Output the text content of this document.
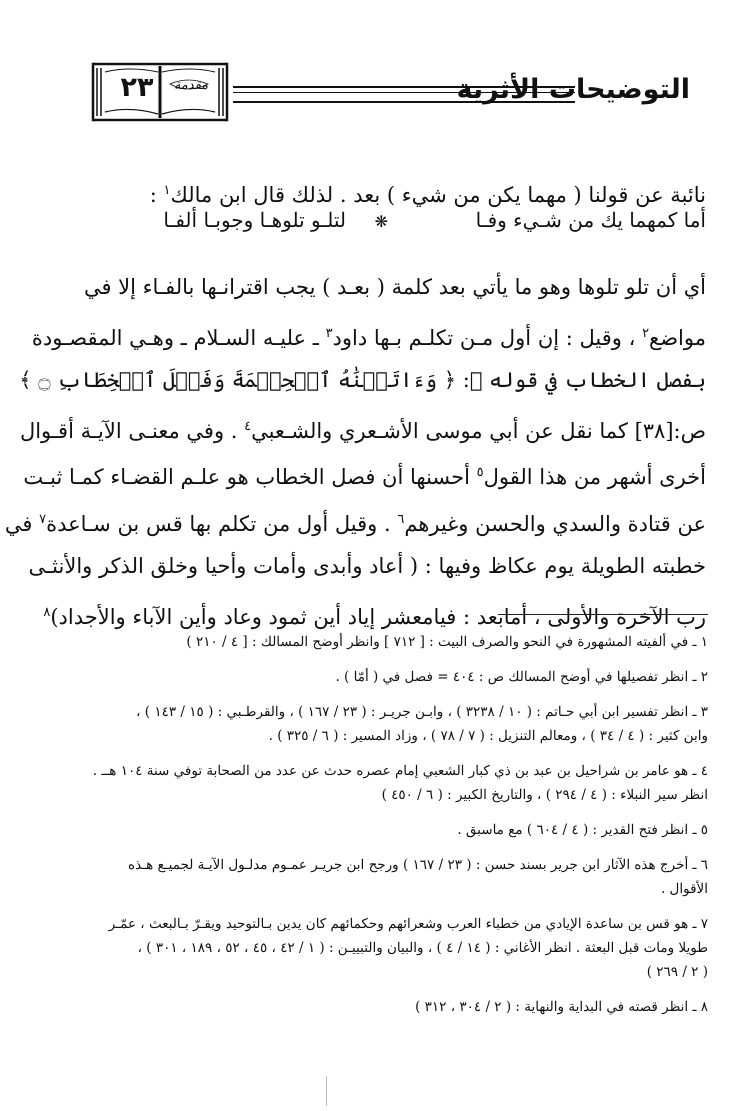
٢٣	مقدمة	التوضيحات الأثرية
نائبة عن قولنا ( مهما يكن من شيء ) بعد . لذلك قال ابن مالك$^١$ :
أما كمهما يك من شـيء وفـا
❋
لتلـو تلوهـا وجوبـا ألفـا
أي أن تلو تلوها وهو ما يأتي بعد كلمة ( بعـد ) يجب اقترانـها بالفـاء إلا في
مواضع$^٢$ ، وقيل : إن أول مـن تكلـم بـها داود$^٣$ ـ عليـه السـلام ـ وهـي المقصـودة
بفصل الخطاب في قوله ﷺ: ﴿ وَءَاتَيۡنَٰهُ ٱلۡحِكۡمَةَ وَفَصۡلَ ٱلۡخِطَابِ ۝ ﴾
ص:[٣٨] كما نقل عن أبي موسى الأشـعري والشـعبي$^٤$ . وفي معنـى الآيـة أقـوال
أخرى أشهر من هذا القول$^٥$ أحسنها أن فصل الخطاب هو علـم القضـاء كمـا ثبـت
عن قتادة والسدي والحسن وغيرهم$^٦$ . وقيل أول من تكلم بها قس بن سـاعدة$^٧$ في
خطبته الطويلة يوم عكاظ وفيها : ( أعاد وأبدى وأمات وأحيا وخلق الذكر والأنثـى
رب الآخرة والأولى ، أمابعد : فيامعشر إياد أين ثمود وعاد وأين الآباء والأجداد)$^٨$
١ ـ في ألفيته المشهورة في النحو والصرف البيت : [ ٧١٢ ] وانظر أوضح المسالك : [ ٤ / ٢١٠ )
٢ ـ انظر تفصيلها في أوضح المسالك ص : ٤٠٤ = فصل في ( أمّا ) .
٣ ـ انظر تفسير ابن أبي حـاتم : ( ١٠ / ٣٢٣٨ ) ، وابـن جريـر : ( ٢٣ / ١٦٧ ) ، والقرطـبي : ( ١٥ / ١٤٣ ) ،
وابن كثير : ( ٤ / ٣٤ ) ، ومعالم التنزيل : ( ٧ / ٧٨ ) ، وزاد المسير : ( ٦ / ٣٢٥ ) .
٤ ـ هو عامر بن شراحيل بن عبد بن ذي كبار الشعبي إمام عصره حدث عن عدد من الصحابة توفي سنة ١٠٤ هــ .
انظر سير النبلاء : ( ٤ / ٢٩٤ ) ، والتاريخ الكبير : ( ٦ / ٤٥٠ )
٥ ـ انظر فتح القدير : ( ٤ / ٦٠٤ ) مع ماسبق .
٦ ـ أخرج هذه الآثار ابن جرير بسند حسن : ( ٢٣ / ١٦٧ ) ورجح ابن جريـر عمـوم مدلـول الآيـة لجميـع هـذه
الأقوال .
٧ ـ هو قس بن ساعدة الإيادي من خطباء العرب وشعرائهم وحكمائهم كان يدين بـالتوحيد ويقـرّ بـالبعث ، عمّـر
طويلا ومات قبل البعثة . انظر الأغاني : ( ١٤ / ٤ ) ، والبيان والتبييـن : ( ١ / ٤٢ ، ٤٥ ، ٥٢ ، ١٨٩ ، ٣٠١ ) ،
( ٢ / ٢٦٩ )
٨ ـ انظر قصته في البداية والنهاية : ( ٢ / ٣٠٤ ، ٣١٢ )
